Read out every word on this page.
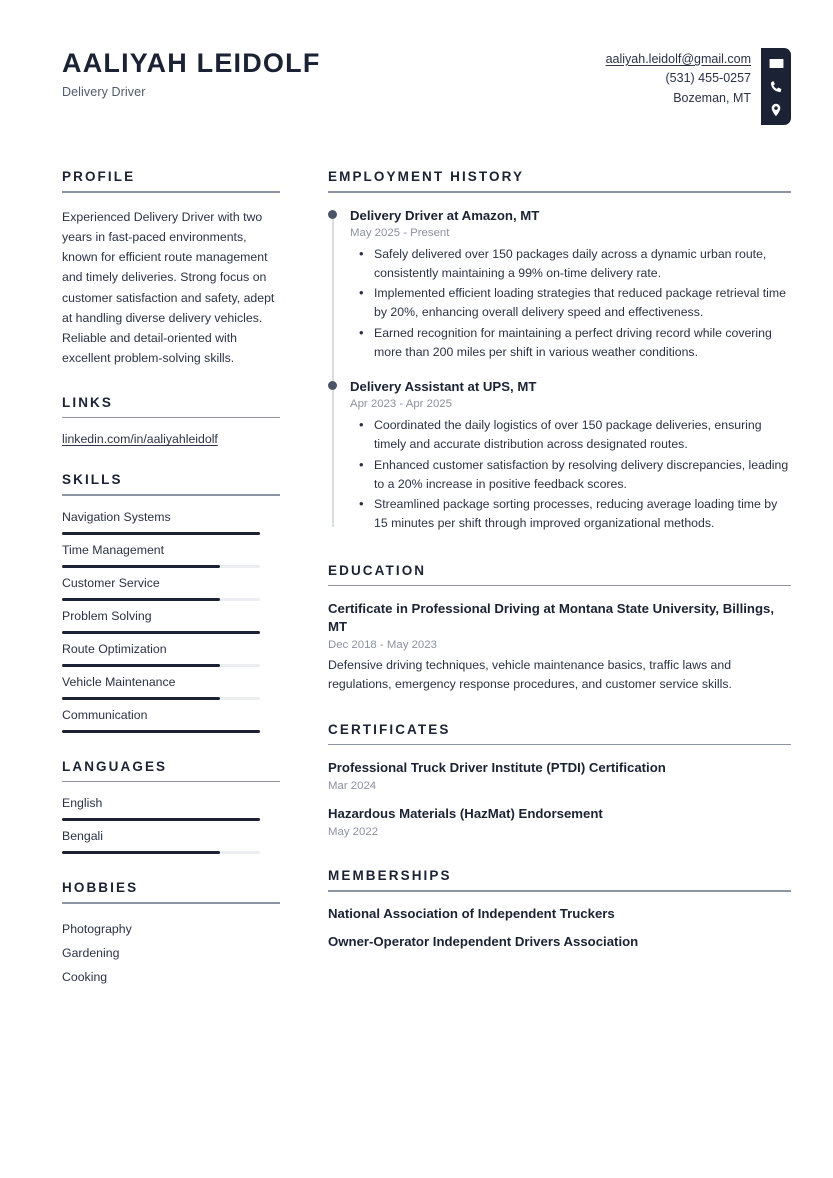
AALIYAH LEIDOLF
Delivery Driver
aaliyah.leidolf@gmail.com
(531) 455-0257
Bozeman, MT
PROFILE
Experienced Delivery Driver with two years in fast-paced environments, known for efficient route management and timely deliveries. Strong focus on customer satisfaction and safety, adept at handling diverse delivery vehicles. Reliable and detail-oriented with excellent problem-solving skills.
LINKS
linkedin.com/in/aaliyahleidolf
SKILLS
Navigation Systems
Time Management
Customer Service
Problem Solving
Route Optimization
Vehicle Maintenance
Communication
LANGUAGES
English
Bengali
HOBBIES
Photography
Gardening
Cooking
EMPLOYMENT HISTORY
Delivery Driver at Amazon, MT
May 2025 - Present
• Safely delivered over 150 packages daily across a dynamic urban route, consistently maintaining a 99% on-time delivery rate.
• Implemented efficient loading strategies that reduced package retrieval time by 20%, enhancing overall delivery speed and effectiveness.
• Earned recognition for maintaining a perfect driving record while covering more than 200 miles per shift in various weather conditions.
Delivery Assistant at UPS, MT
Apr 2023 - Apr 2025
• Coordinated the daily logistics of over 150 package deliveries, ensuring timely and accurate distribution across designated routes.
• Enhanced customer satisfaction by resolving delivery discrepancies, leading to a 20% increase in positive feedback scores.
• Streamlined package sorting processes, reducing average loading time by 15 minutes per shift through improved organizational methods.
EDUCATION
Certificate in Professional Driving at Montana State University, Billings, MT
Dec 2018 - May 2023
Defensive driving techniques, vehicle maintenance basics, traffic laws and regulations, emergency response procedures, and customer service skills.
CERTIFICATES
Professional Truck Driver Institute (PTDI) Certification
Mar 2024
Hazardous Materials (HazMat) Endorsement
May 2022
MEMBERSHIPS
National Association of Independent Truckers
Owner-Operator Independent Drivers Association
